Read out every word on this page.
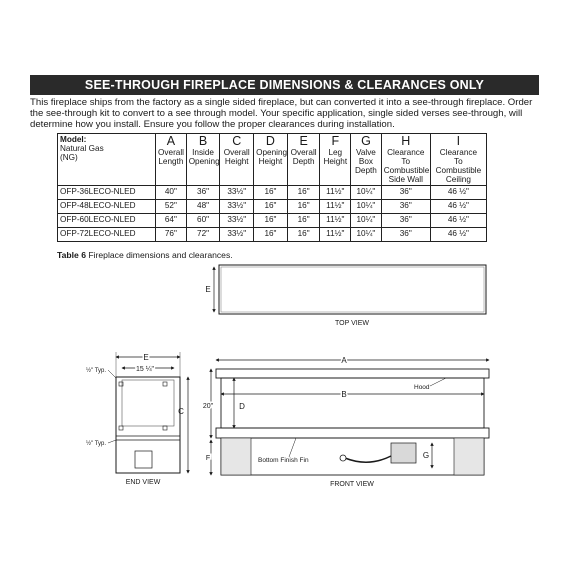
SEE-THROUGH FIREPLACE DIMENSIONS & CLEARANCES ONLY

This fireplace ships from the factory as a single sided fireplace, but can converted it into a see-through fireplace. Order the see-through kit to convert to a see through model. Your specific application, single sided verses see-through, will determine how you install. Ensure you follow the proper clearances during installation.

Model:
Natural Gas
(NG)	A
Overall
Length	B
Inside
Opening	C
Overall
Height	D
Opening
Height	E
Overall
Depth	F
Leg
Height	G
Valve
Box
Depth	H
Clearance
To
Combustible Side Wall	I
Clearance
To
Combustible Ceiling
OFP-36LECO-NLED	40"	36"	33½"	16"	16"	11½"	10¼"	36"	46 ½"
OFP-48LECO-NLED	52"	48"	33½"	16"	16"	11½"	10¼"	36"	46 ½"
OFP-60LECO-NLED	64"	60"	33½"	16"	16"	11½"	10¼"	36"	46 ½"
OFP-72LECO-NLED	76"	72"	33½"	16"	16"	11½"	10¼"	36"	46 ½"
Table 6 Fireplace dimensions and clearances.
E
TOP VIEW
E
15 ¼"
C
½" Typ.
½" Typ.
END VIEW
A
B
D
20"
F	G
Hood
Bottom Finish Fin
FRONT VIEW
